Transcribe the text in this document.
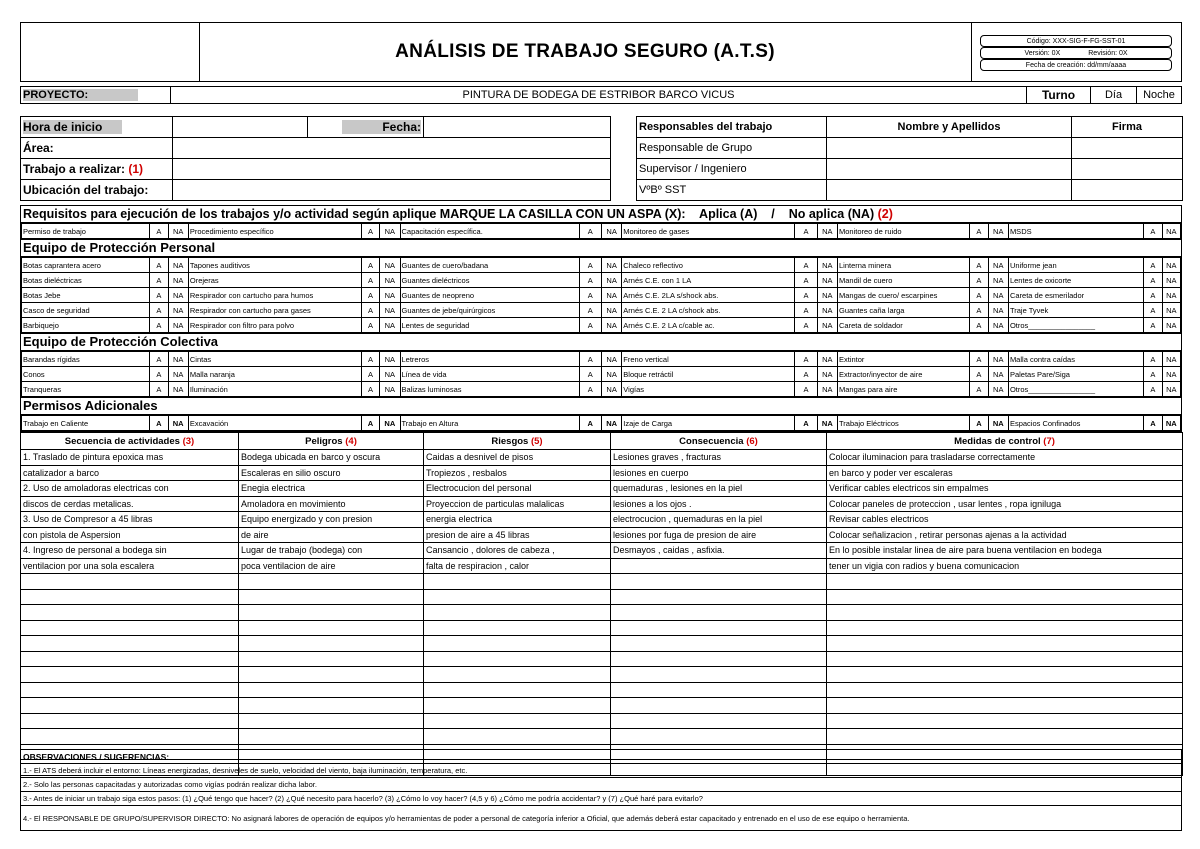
ANÁLISIS DE TRABAJO SEGURO (A.T.S)	Código: XXX-SIG-F-FG-SST-01
Versión: 0X	Revisión: 0X
Fecha de creación: dd/mm/aaaa
PROYECTO:	PINTURA DE BODEGA DE ESTRIBOR BARCO VICUS	Turno	Día	Noche
Hora de inicio		Fecha:	
Área:			
Trabajo a realizar: (1)			
Ubicación del trabajo:			
Responsables del trabajo	Nombre y Apellidos	Firma
Responsable de Grupo		
Supervisor / Ingeniero		
VºBº SST		
Requisitos para ejecución de los trabajos y/o actividad según aplique MARQUE LA CASILLA CON UN ASPA (X): Aplica (A) / No aplica (NA) (2)
Permiso de trabajo	A	NA	Procedimiento específico	A	NA	Capacitación específica.	A	NA	Monitoreo de gases	A	NA	Monitoreo de ruido	A	NA	MSDS	A	NA
Equipo de Protección Personal
Botas caprantera acero	A	NA	Tapones auditivos	A	NA	Guantes de cuero/badana	A	NA	Chaleco reflectivo	A	NA	Linterna minera	A	NA	Uniforme jean	A	NA
Botas dieléctricas	A	NA	Orejeras	A	NA	Guantes dieléctricos	A	NA	Arnés C.E. con 1 LA	A	NA	Mandil de cuero	A	NA	Lentes de oxicorte	A	NA
Botas Jebe	A	NA	Respirador con cartucho para humos	A	NA	Guantes de neopreno	A	NA	Arnés C.E. 2LA s/shock abs.	A	NA	Mangas de cuero/ escarpines	A	NA	Careta de esmerilador	A	NA
Casco de seguridad	A	NA	Respirador con cartucho para gases	A	NA	Guantes de jebe/quirúrgicos	A	NA	Arnés C.E. 2 LA c/shock abs.	A	NA	Guantes caña larga	A	NA	Traje Tyvek	A	NA
Barbiquejo	A	NA	Respirador con filtro para polvo	A	NA	Lentes de seguridad	A	NA	Arnés C.E. 2 LA c/cable ac.	A	NA	Careta de soldador	A	NA	Otros________________	A	NA
Equipo de Protección Colectiva
Barandas rígidas	A	NA	Cintas	A	NA	Letreros	A	NA	Freno vertical	A	NA	Extintor	A	NA	Malla contra caídas	A	NA
Conos	A	NA	Malla naranja	A	NA	Línea de vida	A	NA	Bloque retráctil	A	NA	Extractor/inyector de aire	A	NA	Paletas Pare/Siga	A	NA
Tranqueras	A	NA	Iluminación	A	NA	Balizas luminosas	A	NA	Vigías	A	NA	Mangas para aire	A	NA	Otros________________	A	NA
Permisos Adicionales
Trabajo en Caliente	A	NA	Excavación	A	NA	Trabajo en Altura	A	NA	Izaje de Carga	A	NA	Trabajo Eléctricos	A	NA	Espacios Confinados	A	NA
Secuencia de actividades (3)	Peligros (4)	Riesgos (5)	Consecuencia (6)	Medidas de control (7)
1. Traslado de pintura epoxica mas	Bodega ubicada en barco y oscura	Caidas a desnivel de pisos	Lesiones graves , fracturas	Colocar iluminacion para trasladarse correctamente
catalizador a barco	Escaleras en silio oscuro	Tropiezos , resbalos	lesiones en cuerpo	en barco y poder ver escaleras
2. Uso de amoladoras electricas con	Enegia electrica	Electrocucion del personal	quemaduras , lesiones en la piel	Verificar cables electricos sin empalmes
discos de cerdas metalicas.	Amoladora en movimiento	Proyeccion de particulas malalicas	lesiones a los ojos .	Colocar paneles de proteccion , usar lentes , ropa igniluga
3. Uso de Compresor a 45 libras	Equipo energizado y con presion	energia electrica	electrocucion , quemaduras en la piel	Revisar cables electricos
con pistola de Aspersion	de aire	presion de aire a 45 libras	lesiones por fuga de presion de aire	Colocar señalizacion , retirar personas ajenas a la actividad
4. Ingreso de personal a bodega sin	Lugar de trabajo (bodega) con	Cansancio , dolores de cabeza ,	Desmayos , caidas , asfixia.	En lo posible instalar linea de aire para buena ventilacion en bodega
ventilacion por una sola escalera	poca ventilacion de aire	falta de respiracion , calor		tener un vigia con radios y buena comunicacion

OBSERVACIONES / SUGERENCIAS:
1.- El ATS deberá incluir el entorno: Líneas energizadas, desniveles de suelo, velocidad del viento, baja iluminación, temperatura, etc.
2.- Solo las personas capacitadas y autorizadas como vigías podrán realizar dicha labor.
3.- Antes de iniciar un trabajo siga estos pasos: (1) ¿Qué tengo que hacer? (2) ¿Qué necesito para hacerlo? (3) ¿Cómo lo voy hacer? (4,5 y 6) ¿Cómo me podría accidentar? y (7) ¿Qué haré para evitarlo?
4.- El RESPONSABLE DE GRUPO/SUPERVISOR DIRECTO: No asignará labores de operación de equipos y/o herramientas de poder a personal de categoría inferior a Oficial, que además deberá estar capacitado y entrenado en el uso de ese equipo o herramienta.
